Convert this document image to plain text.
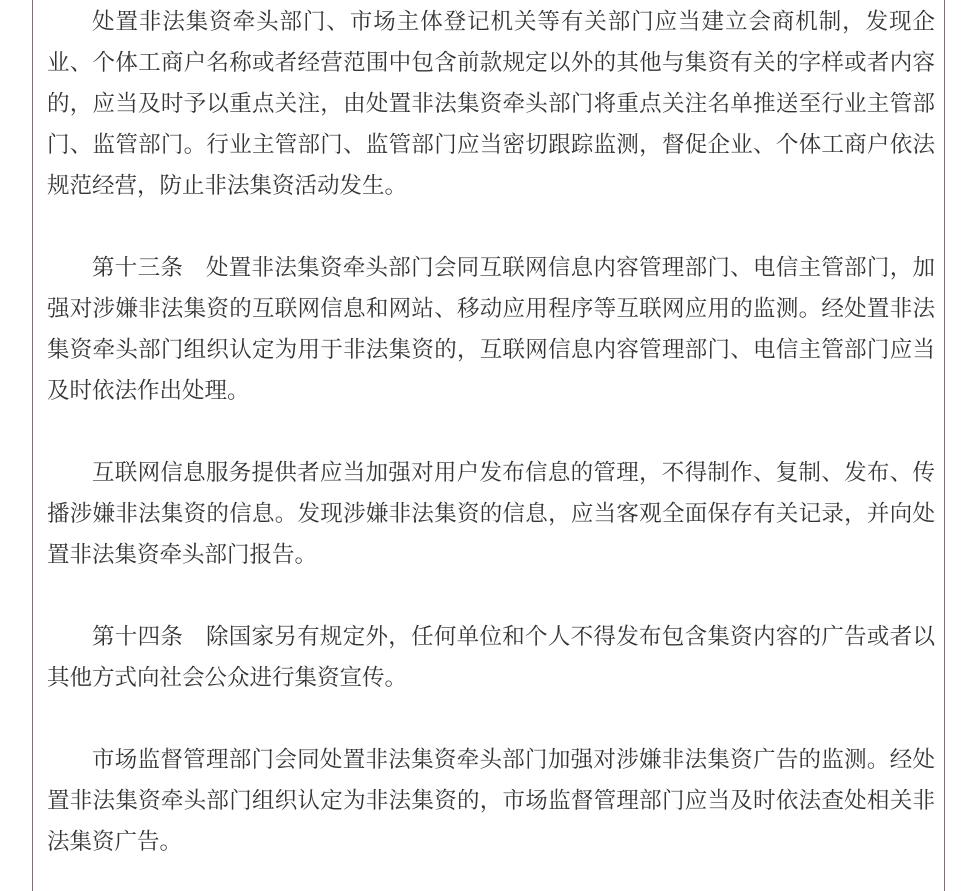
处置非法集资牵头部门、市场主体登记机关等有关部门应当建立会商机制，发现企业、个体工商户名称或者经营范围中包含前款规定以外的其他与集资有关的字样或者内容的，应当及时予以重点关注，由处置非法集资牵头部门将重点关注名单推送至行业主管部门、监管部门。行业主管部门、监管部门应当密切跟踪监测，督促企业、个体工商户依法规范经营，防止非法集资活动发生。

第十三条　处置非法集资牵头部门会同互联网信息内容管理部门、电信主管部门，加强对涉嫌非法集资的互联网信息和网站、移动应用程序等互联网应用的监测。经处置非法集资牵头部门组织认定为用于非法集资的，互联网信息内容管理部门、电信主管部门应当及时依法作出处理。

互联网信息服务提供者应当加强对用户发布信息的管理，不得制作、复制、发布、传播涉嫌非法集资的信息。发现涉嫌非法集资的信息，应当客观全面保存有关记录，并向处置非法集资牵头部门报告。

第十四条　除国家另有规定外，任何单位和个人不得发布包含集资内容的广告或者以其他方式向社会公众进行集资宣传。

市场监督管理部门会同处置非法集资牵头部门加强对涉嫌非法集资广告的监测。经处置非法集资牵头部门组织认定为非法集资的，市场监督管理部门应当及时依法查处相关非法集资广告。
